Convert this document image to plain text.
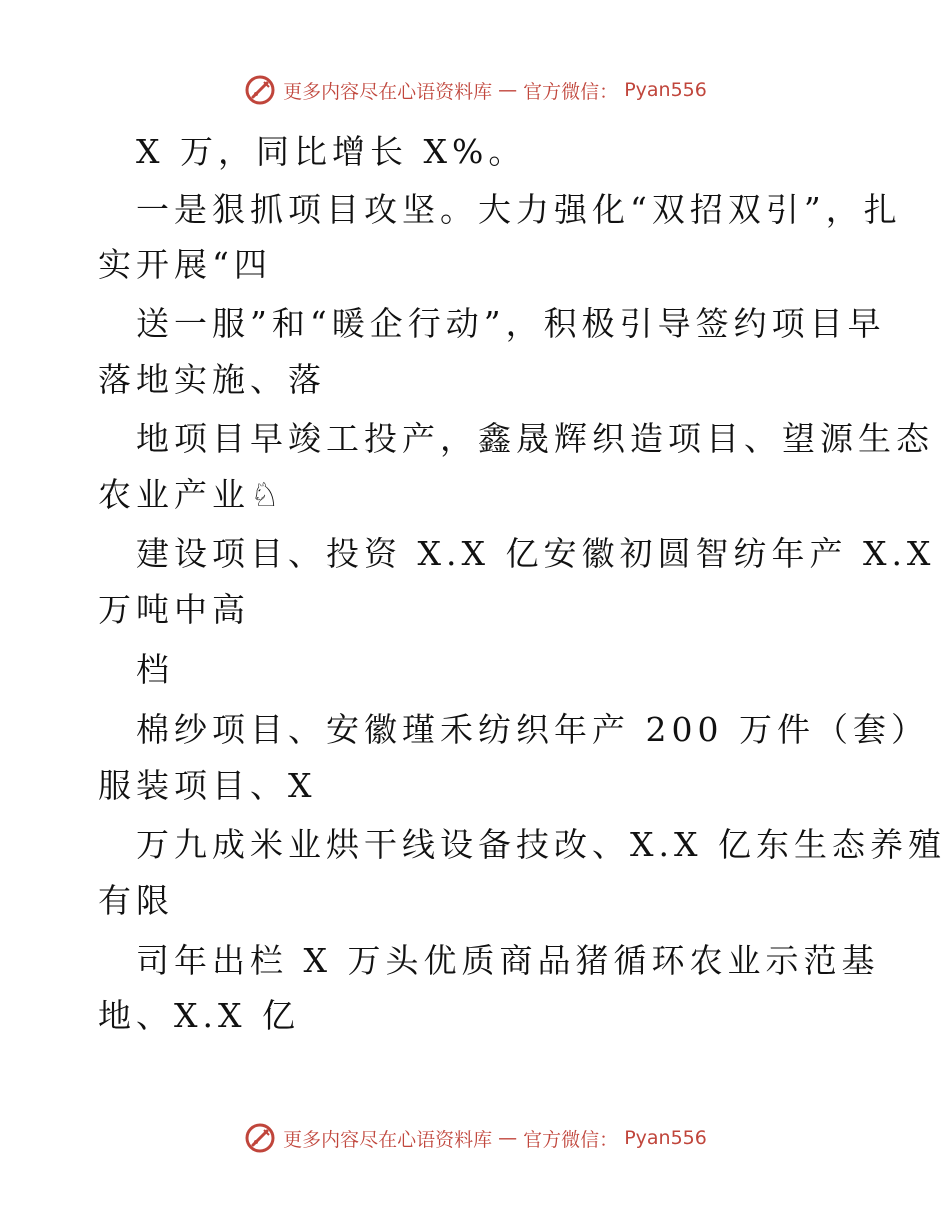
更多内容尽在心语资料库 — 官方微信： Pyan556
X 万，同比增长 X%。
一是狠抓项目攻坚。大力强化“双招双引”，扎
实开展“四
送一服”和“暖企行动”，积极引导签约项目早
落地实施、落
地项目早竣工投产，鑫晟辉织造项目、望源生态
农业产业♘
建设项目、投资 X.X 亿安徽初圆智纺年产 X.X
万吨中高
档
棉纱项目、安徽瑾禾纺织年产 200 万件（套）
服装项目、X
万九成米业烘干线设备技改、X.X 亿东生态养殖
有限
司年出栏 X 万头优质商品猪循环农业示范基
地、X.X 亿
更多内容尽在心语资料库 — 官方微信： Pyan556
